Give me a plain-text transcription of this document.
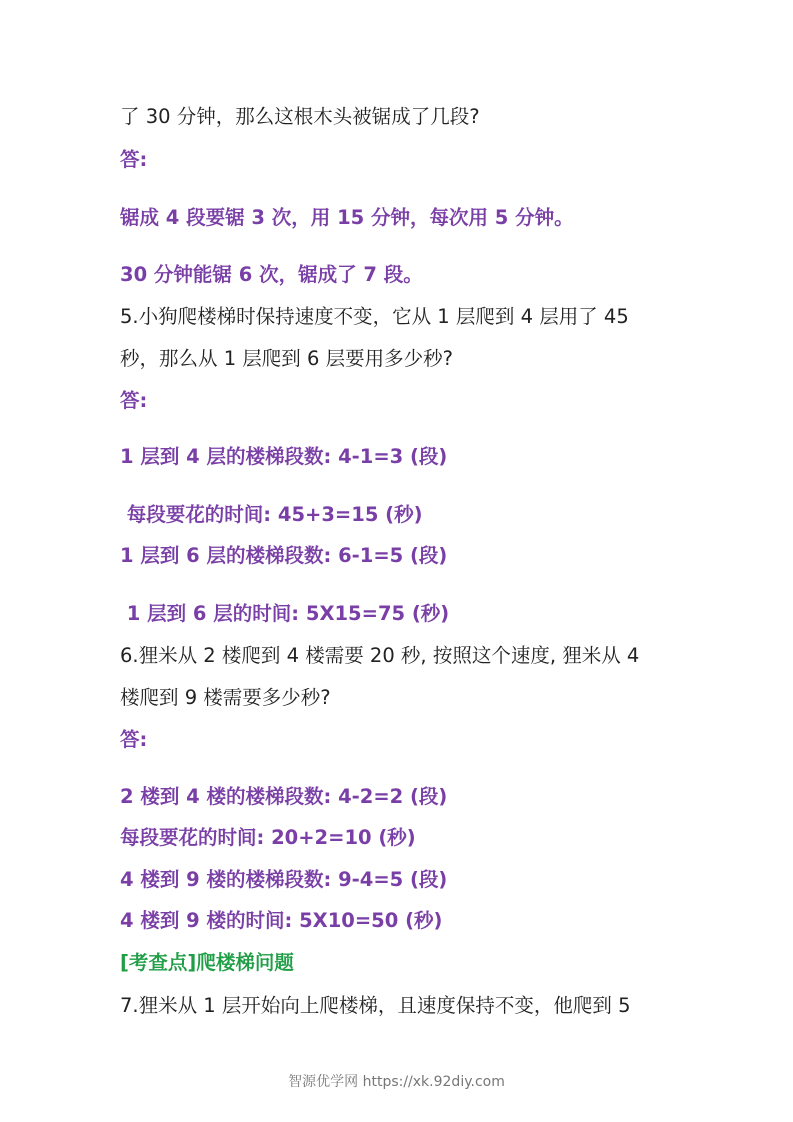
了 30 分钟，那么这根木头被锯成了几段?
答:
锯成 4 段要锯 3 次，用 15 分钟，每次用 5 分钟。
30 分钟能锯 6 次，锯成了 7 段。
5.小狗爬楼梯时保持速度不变，它从 1 层爬到 4 层用了 45
秒，那么从 1 层爬到 6 层要用多少秒?
答:
1 层到 4 层的楼梯段数: 4-1=3 (段)
每段要花的时间: 45+3=15 (秒)
1 层到 6 层的楼梯段数: 6-1=5 (段)
1 层到 6 层的时间: 5X15=75 (秒)
6.狸米从 2 楼爬到 4 楼需要 20 秒, 按照这个速度, 狸米从 4
楼爬到 9 楼需要多少秒?
答:
2 楼到 4 楼的楼梯段数: 4-2=2 (段)
每段要花的时间: 20+2=10 (秒)
4 楼到 9 楼的楼梯段数: 9-4=5 (段)
4 楼到 9 楼的时间: 5X10=50 (秒)
[考查点]爬楼梯问题
7.狸米从 1 层开始向上爬楼梯，且速度保持不变，他爬到 5
智源优学网 https://xk.92diy.com
